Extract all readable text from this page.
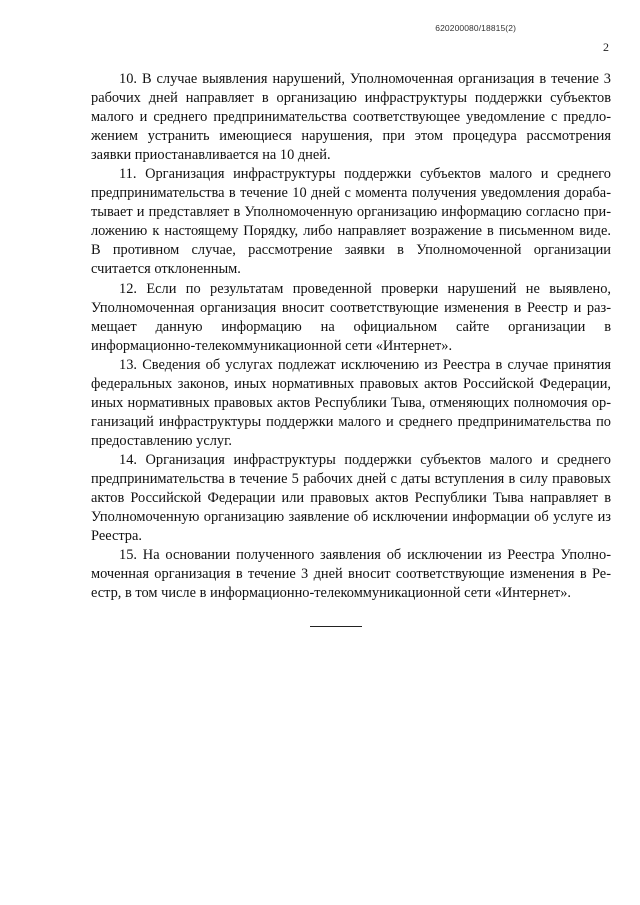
620200080/18815(2)
2

10. В случае выявления нарушений, Уполномоченная организация в течение 3 рабочих дней направляет в организацию инфраструктуры поддержки субъектов малого и среднего предпринимательства соответствующее уведомление с предложением устранить имеющиеся нарушения, при этом процедура рассмотрения заявки приостанавливается на 10 дней.

11. Организация инфраструктуры поддержки субъектов малого и среднего предпринимательства в течение 10 дней с момента получения уведомления дорабатывает и представляет в Уполномоченную организацию информацию согласно приложению к настоящему Порядку, либо направляет возражение в письменном виде. В противном случае, рассмотрение заявки в Уполномоченной организации считается отклоненным.

12. Если по результатам проведенной проверки нарушений не выявлено, Уполномоченная организация вносит соответствующие изменения в Реестр и размещает данную информацию на официальном сайте организации в информационно-телекоммуникационной сети «Интернет».

13. Сведения об услугах подлежат исключению из Реестра в случае принятия федеральных законов, иных нормативных правовых актов Российской Федерации, иных нормативных правовых актов Республики Тыва, отменяющих полномочия организаций инфраструктуры поддержки малого и среднего предпринимательства по предоставлению услуг.

14. Организация инфраструктуры поддержки субъектов малого и среднего предпринимательства в течение 5 рабочих дней с даты вступления в силу правовых актов Российской Федерации или правовых актов Республики Тыва направляет в Уполномоченную организацию заявление об исключении информации об услуге из Реестра.

15. На основании полученного заявления об исключении из Реестра Уполномоченная организация в течение 3 дней вносит соответствующие изменения в Реестр, в том числе в информационно-телекоммуникационной сети «Интернет».
